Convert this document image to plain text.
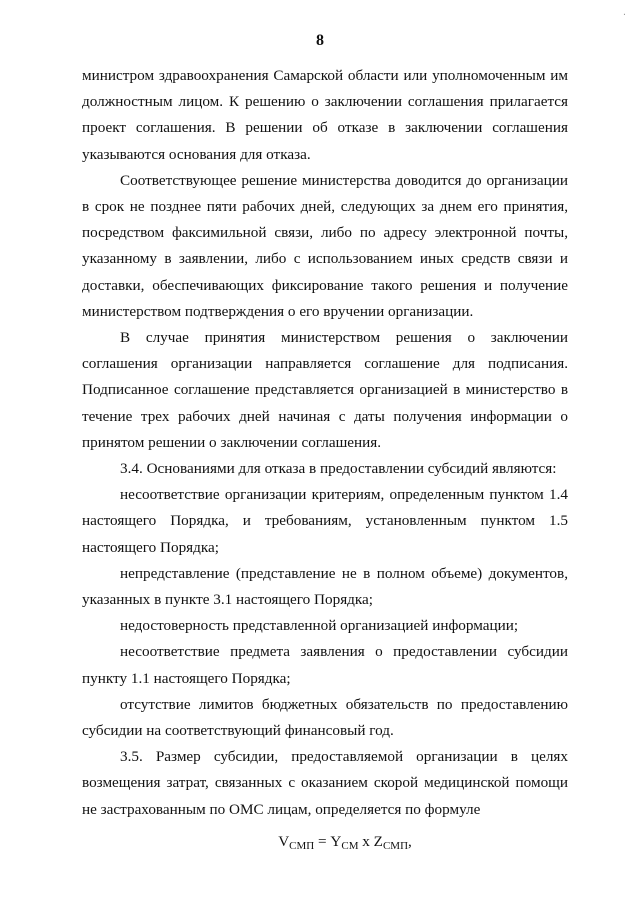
·
8

министром здравоохранения Самарской области или уполномоченным им должностным лицом. К решению о заключении соглашения прилагается проект соглашения. В решении об отказе в заключении соглашения указываются основания для отказа.

Соответствующее решение министерства доводится до организации в срок не позднее пяти рабочих дней, следующих за днем его принятия, посредством факсимильной связи, либо по адресу электронной почты, указанному в заявлении, либо с использованием иных средств связи и доставки, обеспечивающих фиксирование такого решения и получение министерством подтверждения о его вручении организации.

В случае принятия министерством решения о заключении соглашения организации направляется соглашение для подписания. Подписанное соглашение представляется организацией в министерство в течение трех рабочих дней начиная с даты получения информации о принятом решении о заключении соглашения.

3.4. Основаниями для отказа в предоставлении субсидий являются:

несоответствие организации критериям, определенным пунктом 1.4 настоящего Порядка, и требованиям, установленным пунктом 1.5 настоящего Порядка;

непредставление (представление не в полном объеме) документов, указанных в пункте 3.1 настоящего Порядка;

недостоверность представленной организацией информации;

несоответствие предмета заявления о предоставлении субсидии пункту 1.1 настоящего Порядка;

отсутствие лимитов бюджетных обязательств по предоставлению субсидии на соответствующий финансовый год.

3.5. Размер субсидии, предоставляемой организации в целях возмещения затрат, связанных с оказанием скорой медицинской помощи не застрахованным по ОМС лицам, определяется по формуле

$V_{СМП} = Y_{СМ}$ x $Z_{СМП}$,
